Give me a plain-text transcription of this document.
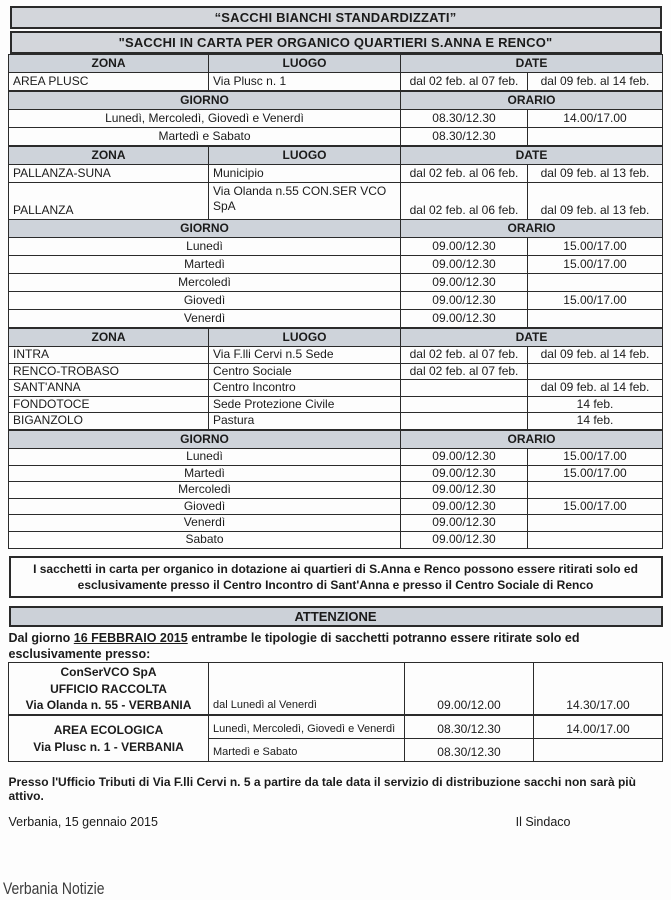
“SACCHI BIANCHI STANDARDIZZATI”
"SACCHI IN CARTA PER ORGANICO QUARTIERI S.ANNA E RENCO"
ZONA	LUOGO	DATE	
AREA PLUSC	Via Plusc n. 1	dal 02 feb. al 07 feb.	dal 09 feb. al 14 feb.
GIORNO	ORARIO	
Lunedì, Mercoledì, Giovedì e Venerdì	08.30/12.30	14.00/17.00
Martedì e Sabato	08.30/12.30	
ZONA	LUOGO	DATE	
PALLANZA-SUNA	Municipio	dal 02 feb. al 06 feb.	dal 09 feb. al 13 feb.
PALLANZA	Via Olanda n.55 CON.SER VCO SpA	dal 02 feb. al 06 feb.	dal 09 feb. al 13 feb.
GIORNO		ORARIO	
Lunedì		09.00/12.30	15.00/17.00
Martedì		09.00/12.30	15.00/17.00
Mercoledì		09.00/12.30	
Giovedì		09.00/12.30	15.00/17.00
Venerdì		09.00/12.30	
ZONA	LUOGO	DATE	
INTRA	Via F.lli Cervi n.5 Sede	dal 02 feb. al 07 feb.	dal 09 feb. al 14 feb.
RENCO-TROBASO	Centro Sociale	dal 02 feb. al 07 feb.	
SANT'ANNA	Centro Incontro		dal 09 feb. al 14 feb.
FONDOTOCE	Sede Protezione Civile		14 feb.
BIGANZOLO	Pastura		14 feb.
GIORNO	ORARIO	
Lunedì	09.00/12.30	15.00/17.00
Martedì	09.00/12.30	15.00/17.00
Mercoledì	09.00/12.30	
Giovedì	09.00/12.30	15.00/17.00
Venerdì	09.00/12.30	
Sabato	09.00/12.30	
I sacchetti in carta per organico in dotazione ai quartieri di S.Anna e Renco possono essere ritirati solo ed esclusivamente presso il Centro Incontro di Sant'Anna e presso il Centro Sociale di Renco
ATTENZIONE
Dal giorno 16 FEBBRAIO 2015 entrambe le tipologie di sacchetti potranno essere ritirate solo ed esclusivamente presso:
ConSerVCO SpA
UFFICIO RACCOLTA
Via Olanda n. 55 - VERBANIA	dal Lunedì al Venerdì	09.00/12.00	14.30/17.00
AREA ECOLOGICA
Via Plusc n. 1 - VERBANIA	Lunedì, Mercoledì, Giovedì e Venerdì	08.30/12.30	14.00/17.00
	Martedì e Sabato	08.30/12.30	
Presso l'Ufficio Tributi di Via F.lli Cervi n. 5 a partire da tale data il servizio di distribuzione sacchi non sarà più attivo.
Verbania, 15 gennaio 2015	Il Sindaco
Verbania Notizie
